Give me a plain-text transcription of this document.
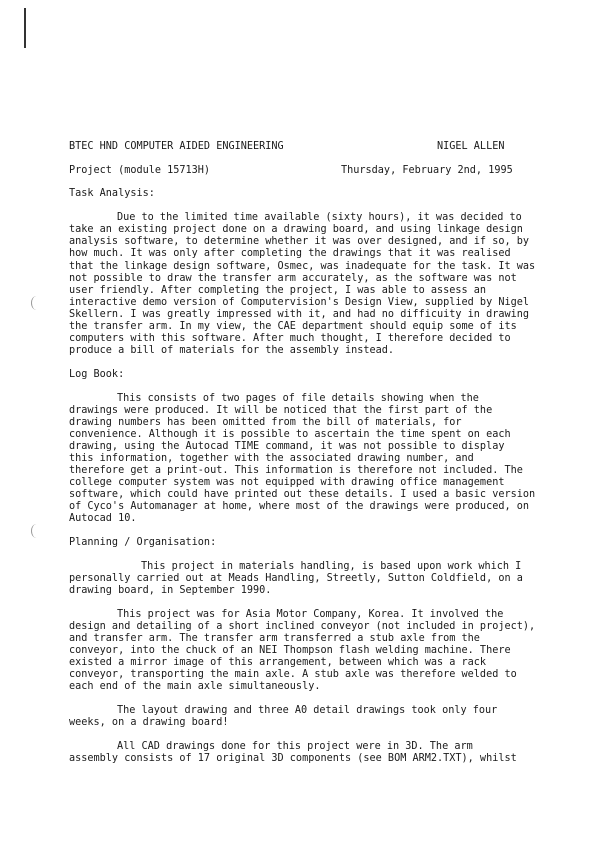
BTEC HND COMPUTER AIDED ENGINEERING	NIGEL ALLEN
Project (module 15713H)	Thursday, February 2nd, 1995
Task Analysis:
Due to the limited time available (sixty hours), it was decided to
take an existing project done on a drawing board, and using linkage design
analysis software, to determine whether it was over designed, and if so, by
how much. It was only after completing the drawings that it was realised
that the linkage design software, Osmec, was inadequate for the task. It was
not possible to draw the transfer arm accurately, as the software was not
user friendly. After completing the project, I was able to assess an
interactive demo version of Computervision's Design View, supplied by Nigel
Skellern. I was greatly impressed with it, and had no difficuity in drawing
the transfer arm. In my view, the CAE department should equip some of its
computers with this software. After much thought, I therefore decided to
produce a bill of materials for the assembly instead.
Log Book:
This consists of two pages of file details showing when the
drawings were produced. It will be noticed that the first part of the
drawing numbers has been omitted from the bill of materials, for
convenience. Although it is possible to ascertain the time spent on each
drawing, using the Autocad TIME command, it was not possible to display
this information, together with the associated drawing number, and
therefore get a print-out. This information is therefore not included. The
college computer system was not equipped with drawing office management
software, which could have printed out these details. I used a basic version
of Cyco's Automanager at home, where most of the drawings were produced, on
Autocad 10.
Planning / Organisation:
This project in materials handling, is based upon work which I
personally carried out at Meads Handling, Streetly, Sutton Coldfield, on a
drawing board, in September 1990.
This project was for Asia Motor Company, Korea. It involved the
design and detailing of a short inclined conveyor (not included in project),
and transfer arm. The transfer arm transferred a stub axle from the
conveyor, into the chuck of an NEI Thompson flash welding machine. There
existed a mirror image of this arrangement, between which was a rack
conveyor, transporting the main axle. A stub axle was therefore welded to
each end of the main axle simultaneously.
The layout drawing and three A0 detail drawings took only four
weeks, on a drawing board!
All CAD drawings done for this project were in 3D. The arm
assembly consists of 17 original 3D components (see BOM ARM2.TXT), whilst
